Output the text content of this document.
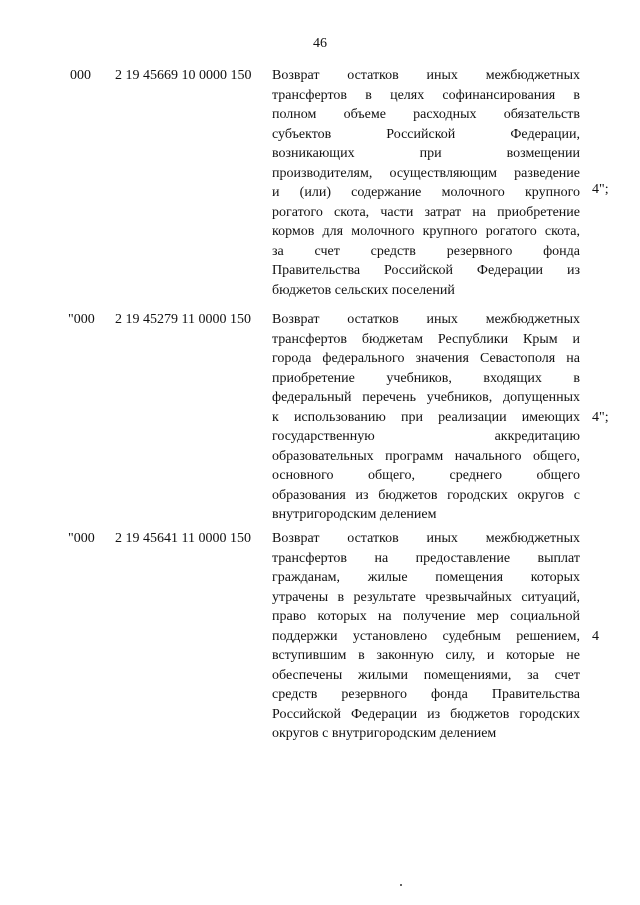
46
000 2 19 45669 10 0000 150 Возврат остатков иных межбюджетных
трансфертов в целях софинансирования в
полном объеме расходных обязательств
субъектов Российской Федерации,
возникающих при возмещении
производителям, осуществляющим разведение
и (или) содержание молочного крупного
рогатого скота, части затрат на приобретение
кормов для молочного крупного рогатого скота,
за счет средств резервного фонда
Правительства Российской Федерации из
бюджетов сельских поселений
4";
"000 2 19 45279 11 0000 150 Возврат остатков иных межбюджетных
трансфертов бюджетам Республики Крым и
города федерального значения Севастополя на
приобретение учебников, входящих в
федеральный перечень учебников, допущенных
к использованию при реализации имеющих
государственную аккредитацию
образовательных программ начального общего,
основного общего, среднего общего
образования из бюджетов городских округов с
внутригородским делением
4";
"000 2 19 45641 11 0000 150 Возврат остатков иных межбюджетных
трансфертов на предоставление выплат
гражданам, жилые помещения которых
утрачены в результате чрезвычайных ситуаций,
право которых на получение мер социальной
поддержки установлено судебным решением,
вступившим в законную силу, и которые не
обеспечены жилыми помещениями, за счет
средств резервного фонда Правительства
Российской Федерации из бюджетов городских
округов с внутригородским делением
4
